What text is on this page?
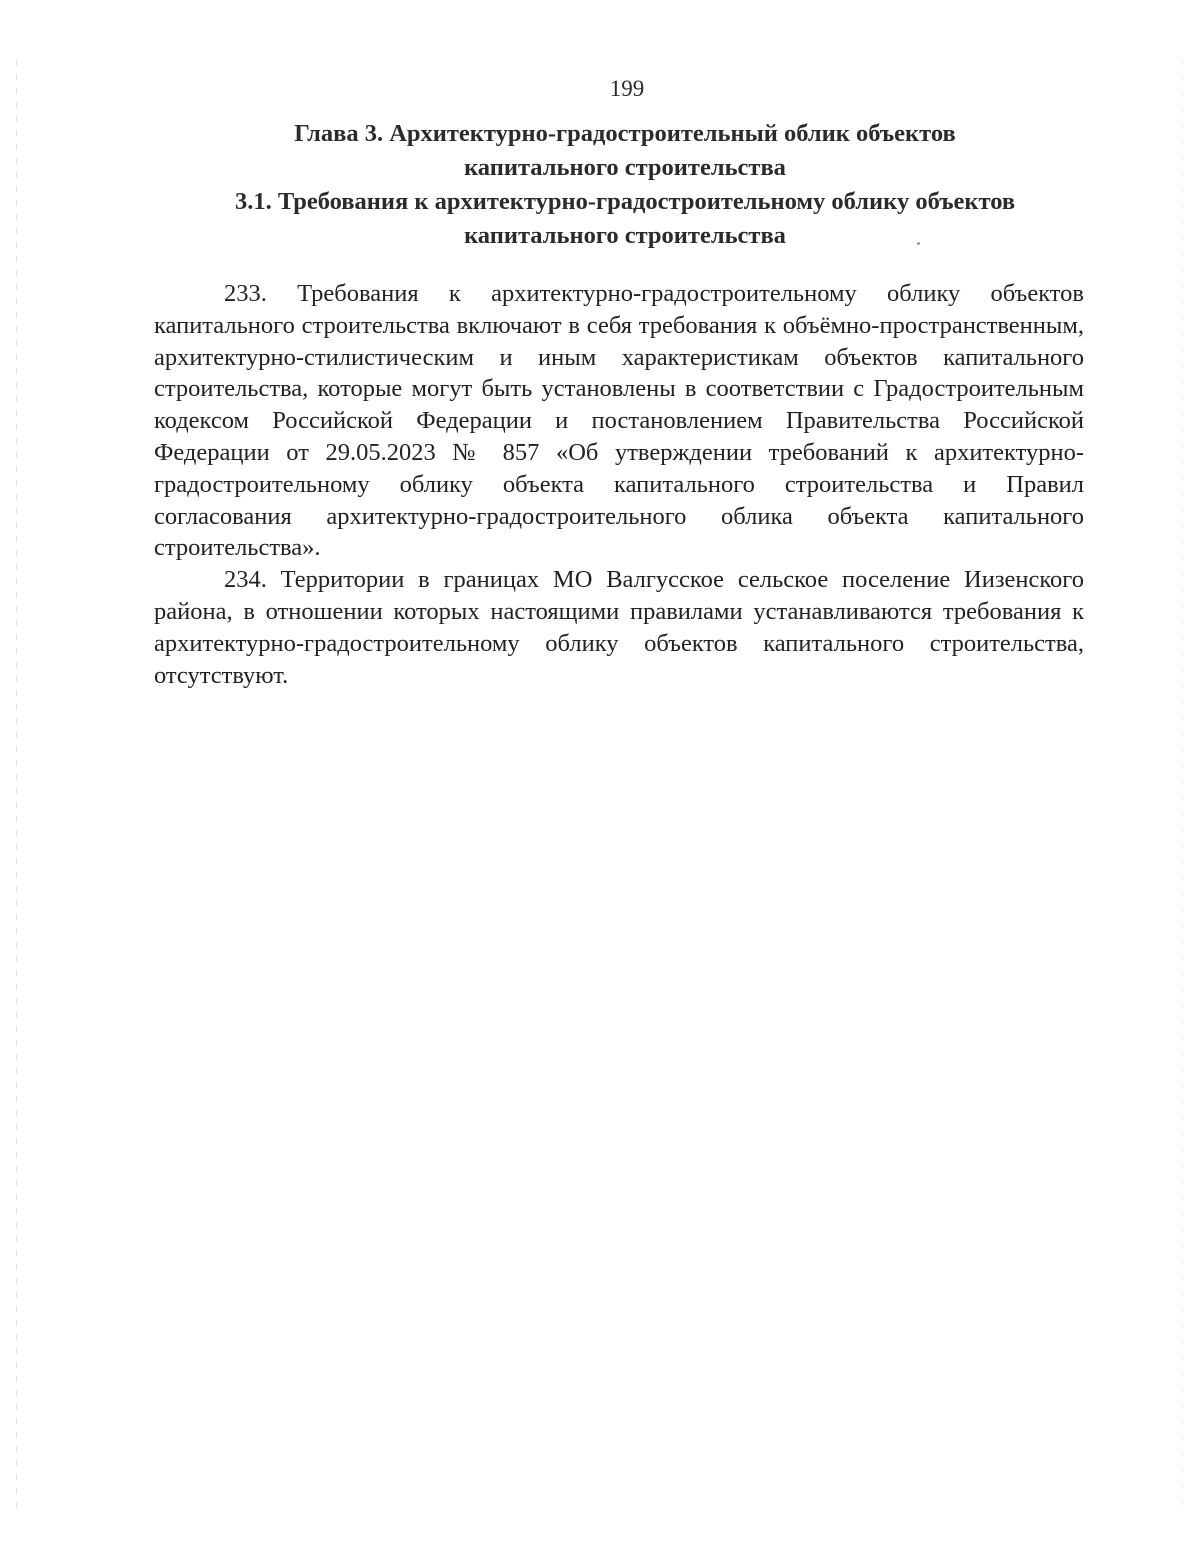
199
Глава 3. Архитектурно-градостроительный облик объектов
капитального строительства
3.1. Требования к архитектурно-градостроительному облику объектов
капитального строительства

233. Требования к архитектурно-градостроительному облику объектов капитального строительства включают в себя требования к объёмно-пространственным, архитектурно-стилистическим и иным характеристикам объектов капитального строительства, которые могут быть установлены в соответствии с Градостроительным кодексом Российской Федерации и постановлением Правительства Российской Федерации от 29.05.2023 № 857 «Об утверждении требований к архитектурно-градостроительному облику объекта капитального строительства и Правил согласования архитектурно-градостроительного облика объекта капитального строительства».

234. Территории в границах МО Валгусское сельское поселение Иизенского района, в отношении которых настоящими правилами устанавливаются требования к архитектурно-градостроительному облику объектов капитального строительства, отсутствуют.
